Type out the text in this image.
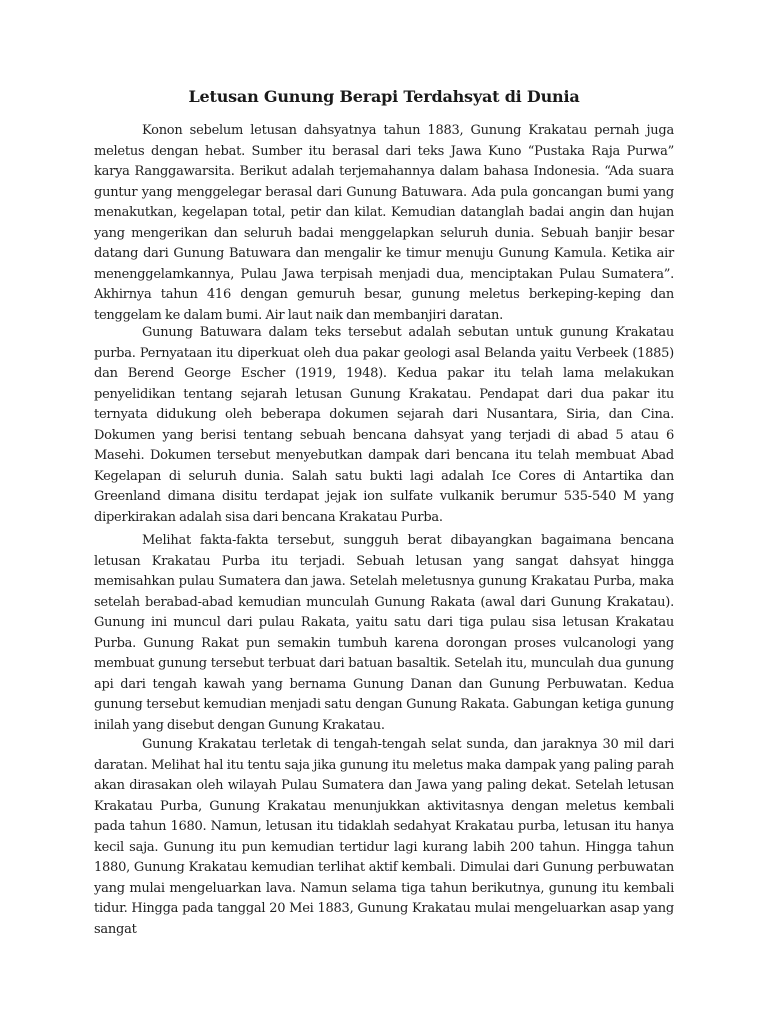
Letusan Gunung Berapi Terdahsyat di Dunia

Konon sebelum letusan dahsyatnya tahun 1883, Gunung Krakatau pernah juga meletus dengan hebat. Sumber itu berasal dari teks Jawa Kuno “Pustaka Raja Purwa” karya Ranggawarsita. Berikut adalah terjemahannya dalam bahasa Indonesia. “Ada suara guntur yang menggelegar berasal dari Gunung Batuwara. Ada pula goncangan bumi yang menakutkan, kegelapan total, petir dan kilat. Kemudian datanglah badai angin dan hujan yang mengerikan dan seluruh badai menggelapkan seluruh dunia. Sebuah banjir besar datang dari Gunung Batuwara dan mengalir ke timur menuju Gunung Kamula. Ketika air menenggelamkannya, Pulau Jawa terpisah menjadi dua, menciptakan Pulau Sumatera”. Akhirnya tahun 416 dengan gemuruh besar, gunung meletus berkeping-keping dan tenggelam ke dalam bumi. Air laut naik dan membanjiri daratan.

Gunung Batuwara dalam teks tersebut adalah sebutan untuk gunung Krakatau purba. Pernyataan itu diperkuat oleh dua pakar geologi asal Belanda yaitu Verbeek (1885) dan Berend George Escher (1919, 1948). Kedua pakar itu telah lama melakukan penyelidikan tentang sejarah letusan Gunung Krakatau. Pendapat dari dua pakar itu ternyata didukung oleh beberapa dokumen sejarah dari Nusantara, Siria, dan Cina. Dokumen yang berisi tentang sebuah bencana dahsyat yang terjadi di abad 5 atau 6 Masehi. Dokumen tersebut menyebutkan dampak dari bencana itu telah membuat Abad Kegelapan di seluruh dunia. Salah satu bukti lagi adalah Ice Cores di Antartika dan Greenland dimana disitu terdapat jejak ion sulfate vulkanik berumur 535-540 M yang diperkirakan adalah sisa dari bencana Krakatau Purba.

Melihat fakta-fakta tersebut, sungguh berat dibayangkan bagaimana bencana letusan Krakatau Purba itu terjadi. Sebuah letusan yang sangat dahsyat hingga memisahkan pulau Sumatera dan jawa. Setelah meletusnya gunung Krakatau Purba, maka setelah berabad-abad kemudian munculah Gunung Rakata (awal dari Gunung Krakatau). Gunung ini muncul dari pulau Rakata, yaitu satu dari tiga pulau sisa letusan Krakatau Purba. Gunung Rakat pun semakin tumbuh karena dorongan proses vulcanologi yang membuat gunung tersebut terbuat dari batuan basaltik. Setelah itu, munculah dua gunung api dari tengah kawah yang bernama Gunung Danan dan Gunung Perbuwatan. Kedua gunung tersebut kemudian menjadi satu dengan Gunung Rakata. Gabungan ketiga gunung inilah yang disebut dengan Gunung Krakatau.

Gunung Krakatau terletak di tengah-tengah selat sunda, dan jaraknya 30 mil dari daratan. Melihat hal itu tentu saja jika gunung itu meletus maka dampak yang paling parah akan dirasakan oleh wilayah Pulau Sumatera dan Jawa yang paling dekat. Setelah letusan Krakatau Purba, Gunung Krakatau menunjukkan aktivitasnya dengan meletus kembali pada tahun 1680. Namun, letusan itu tidaklah sedahyat Krakatau purba, letusan itu hanya kecil saja. Gunung itu pun kemudian tertidur lagi kurang labih 200 tahun. Hingga tahun 1880, Gunung Krakatau kemudian terlihat aktif kembali. Dimulai dari Gunung perbuwatan yang mulai mengeluarkan lava. Namun selama tiga tahun berikutnya, gunung itu kembali tidur. Hingga pada tanggal 20 Mei 1883, Gunung Krakatau mulai mengeluarkan asap yang sangat
